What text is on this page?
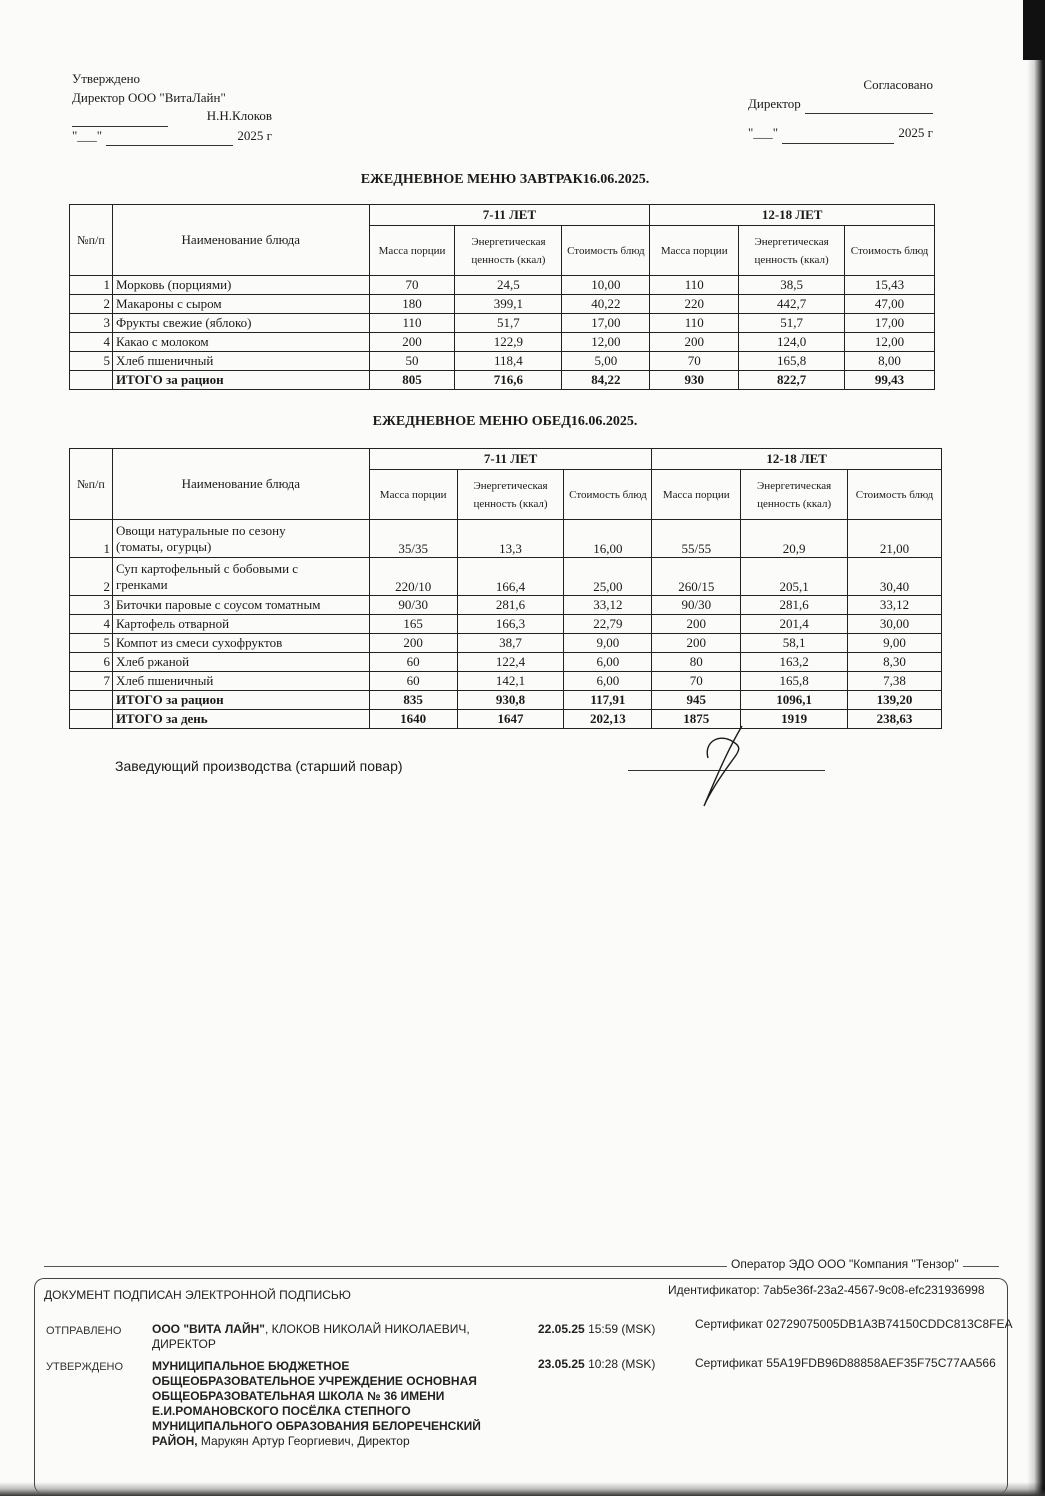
Утверждено
Директор ООО "ВитаЛайн"

Н.Н.Клоков
"___"
	2025 г
Согласовано
Директор

"___"
	2025 г
ЕЖЕДНЕВНОЕ МЕНЮ ЗАВТРАК16.06.2025.
№п/п	Наименование блюда	7-11 ЛЕТ			12-18 ЛЕТ		
		Масса порции	Энергетическая ценность (ккал)	Стоимость блюд	Масса порции	Энергетическая ценность (ккал)	Стоимость блюд
1	Морковь (порциями)	70	24,5	10,00	110	38,5	15,43
2	Макароны с сыром	180	399,1	40,22	220	442,7	47,00
3	Фрукты свежие (яблоко)	110	51,7	17,00	110	51,7	17,00
4	Какао с молоком	200	122,9	12,00	200	124,0	12,00
5	Хлеб пшеничный	50	118,4	5,00	70	165,8	8,00
	ИТОГО за рацион	805	716,6	84,22	930	822,7	99,43
ЕЖЕДНЕВНОЕ МЕНЮ ОБЕД16.06.2025.
№п/п	Наименование блюда	7-11 ЛЕТ			12-18 ЛЕТ		
		Масса порции	Энергетическая ценность (ккал)	Стоимость блюд	Масса порции	Энергетическая ценность (ккал)	Стоимость блюд
1	Овощи натуральные по сезону
(томаты, огурцы)	35/35	13,3	16,00	55/55	20,9	21,00
2	Суп картофельный с бобовыми с
гренками	220/10	166,4	25,00	260/15	205,1	30,40
3	Биточки паровые с соусом томатным	90/30	281,6	33,12	90/30	281,6	33,12
4	Картофель отварной	165	166,3	22,79	200	201,4	30,00
5	Компот из смеси сухофруктов	200	38,7	9,00	200	58,1	9,00
6	Хлеб ржаной	60	122,4	6,00	80	163,2	8,30
7	Хлеб пшеничный	60	142,1	6,00	70	165,8	7,38
	ИТОГО за рацион	835	930,8	117,91	945	1096,1	139,20
	ИТОГО за день	1640	1647	202,13	1875	1919	238,63
Заведующий производства (старший повар)
Оператор ЭДО ООО "Компания "Тензор"
ДОКУМЕНТ ПОДПИСАН ЭЛЕКТРОННОЙ ПОДПИСЬЮ	Идентификатор: 7ab5e36f-23a2-4567-9c08-efc231936998
ОТПРАВЛЕНО	ООО "ВИТА ЛАЙН", КЛОКОВ НИКОЛАЙ НИКОЛАЕВИЧ,
ДИРЕКТОР
22.05.25 15:59 (MSK)	Сертификат 02729075005DB1A3B74150CDDC813C8FEA
УТВЕРЖДЕНО МУНИЦИПАЛЬНОЕ БЮДЖЕТНОЕ
ОБЩЕОБРАЗОВАТЕЛЬНОЕ УЧРЕЖДЕНИЕ ОСНОВНАЯ
ОБЩЕОБРАЗОВАТЕЛЬНАЯ ШКОЛА № 36 ИМЕНИ
Е.И.РОМАНОВСКОГО ПОСЁЛКА СТЕПНОГО
МУНИЦИПАЛЬНОГО ОБРАЗОВАНИЯ БЕЛОРЕЧЕНСКИЙ
РАЙОН, Марукян Артур Георгиевич, Директор
23.05.25 10:28 (MSK)	Сертификат 55A19FDB96D88858AEF35F75C77AA566
